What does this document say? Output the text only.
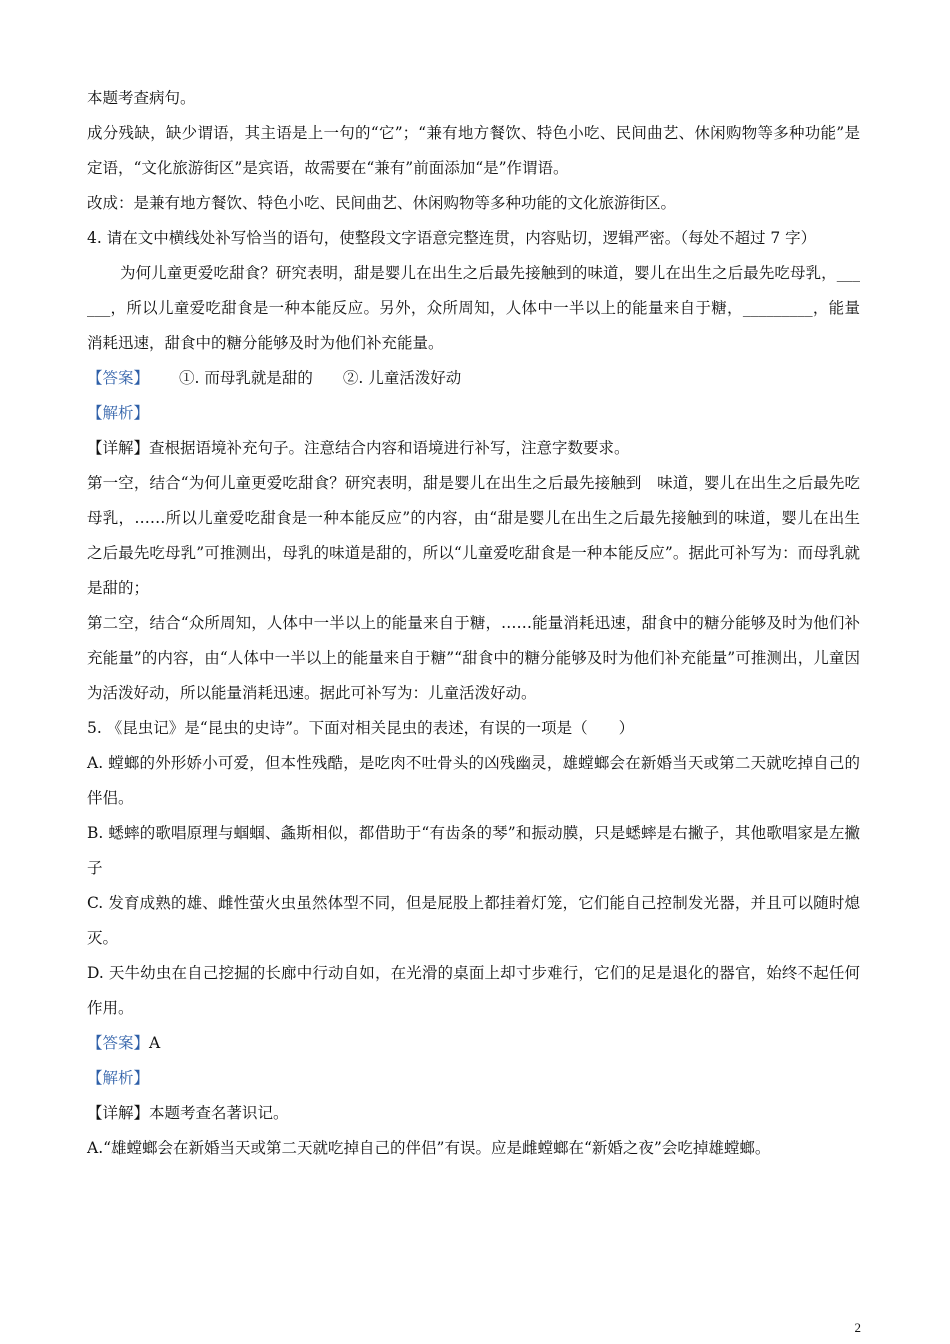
本题考查病句。

成分残缺，缺少谓语，其主语是上一句的“它”；“兼有地方餐饮、特色小吃、民间曲艺、休闲购物等多种功能”是定语，“文化旅游街区”是宾语，故需要在“兼有”前面添加“是”作谓语。

改成：是兼有地方餐饮、特色小吃、民间曲艺、休闲购物等多种功能的文化旅游街区。

4. 请在文中横线处补写恰当的语句，使整段文字语意完整连贯，内容贴切，逻辑严密。（每处不超过 7 字）

为何儿童更爱吃甜食？研究表明，甜是婴儿在出生之后最先接触到的味道，婴儿在出生之后最先吃母乳，______，所以儿童爱吃甜食是一种本能反应。另外，众所周知，人体中一半以上的能量来自于糖，_________，能量消耗迅速，甜食中的糖分能够及时为他们补充能量。

【答案】 ①. 而母乳就是甜的 ②. 儿童活泼好动

【解析】

【详解】查根据语境补充句子。注意结合内容和语境进行补写，注意字数要求。

第一空，结合“为何儿童更爱吃甜食？研究表明，甜是婴儿在出生之后最先接触到　味道，婴儿在出生之后最先吃母乳，……所以儿童爱吃甜食是一种本能反应”的内容，由“甜是婴儿在出生之后最先接触到的味道，婴儿在出生之后最先吃母乳”可推测出，母乳的味道是甜的，所以“儿童爱吃甜食是一种本能反应”。据此可补写为：而母乳就是甜的；

第二空，结合“众所周知，人体中一半以上的能量来自于糖，……能量消耗迅速，甜食中的糖分能够及时为他们补充能量”的内容，由“人体中一半以上的能量来自于糖”“甜食中的糖分能够及时为他们补充能量”可推测出，儿童因为活泼好动，所以能量消耗迅速。据此可补写为：儿童活泼好动。

5. 《昆虫记》是“昆虫的史诗”。下面对相关昆虫的表述，有误的一项是（　　）

A. 螳螂的外形娇小可爱，但本性残酷，是吃肉不吐骨头的凶残幽灵，雄螳螂会在新婚当天或第二天就吃掉自己的伴侣。

B. 蟋蟀的歌唱原理与蝈蝈、螽斯相似，都借助于“有齿条的琴”和振动膜，只是蟋蟀是右撇子，其他歌唱家是左撇子

C. 发育成熟的雄、雌性萤火虫虽然体型不同，但是屁股上都挂着灯笼，它们能自己控制发光器，并且可以随时熄灭。

D. 天牛幼虫在自己挖掘的长廊中行动自如，在光滑的桌面上却寸步难行，它们的足是退化的器官，始终不起任何作用。

【答案】A

【解析】

【详解】本题考查名著识记。

A.“雄螳螂会在新婚当天或第二天就吃掉自己的伴侣”有误。应是雌螳螂在“新婚之夜”会吃掉雄螳螂。

2
